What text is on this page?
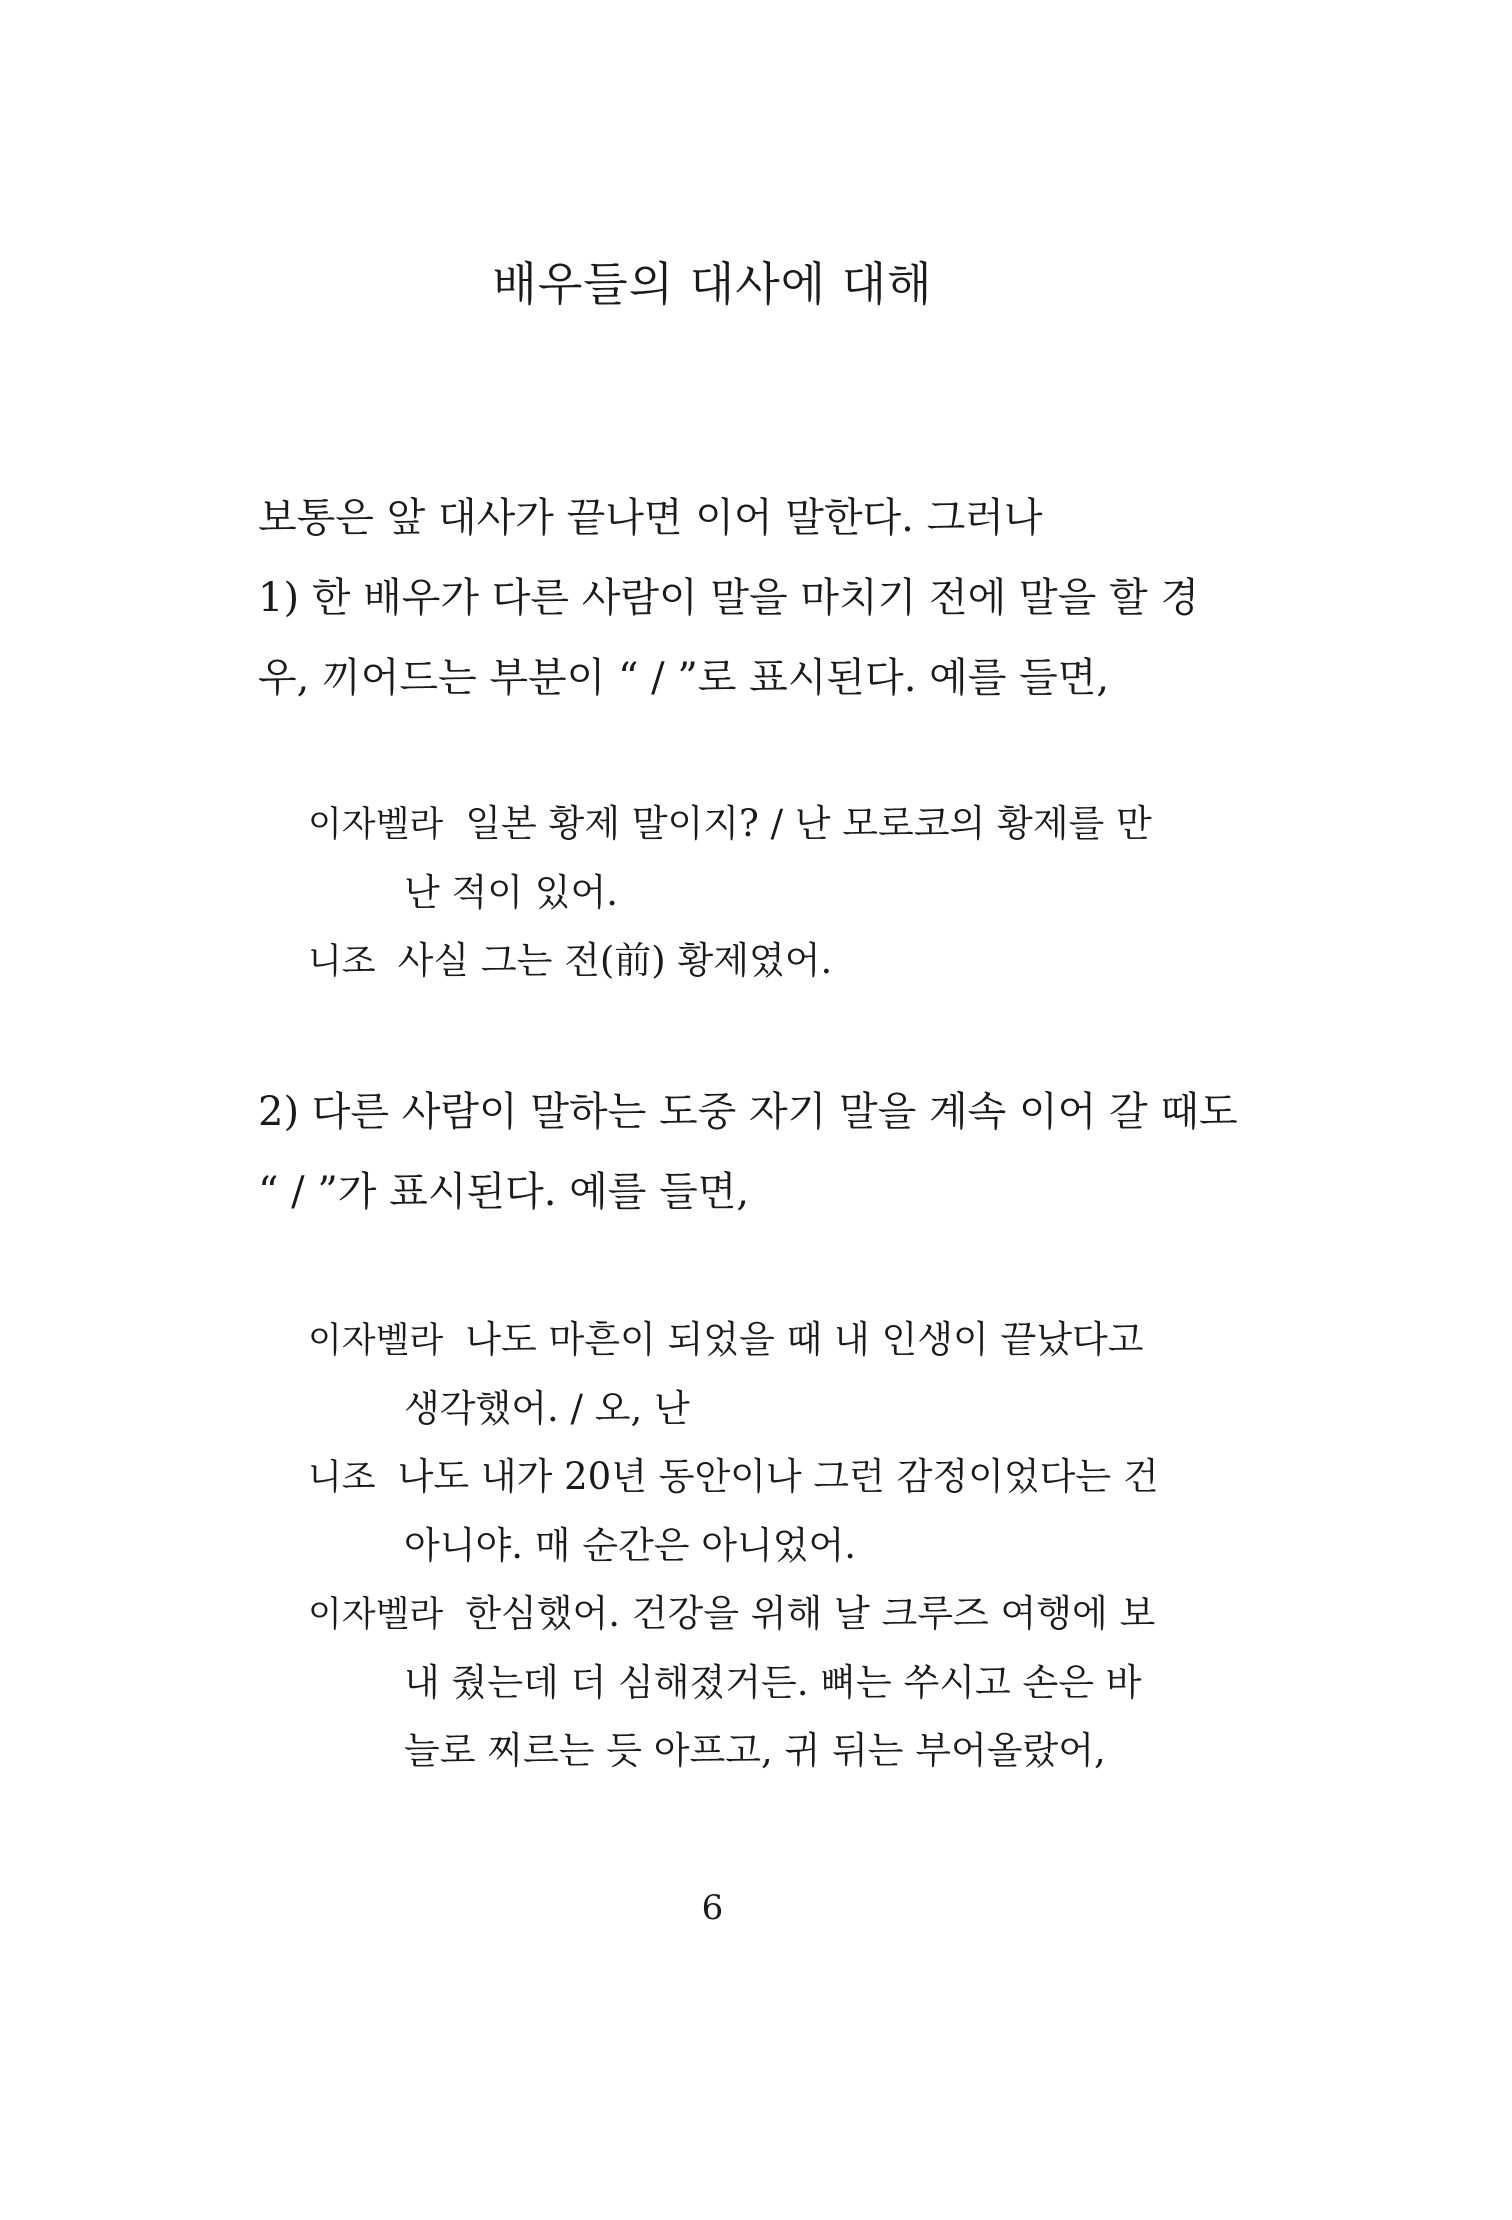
배우들의 대사에 대해
보통은 앞 대사가 끝나면 이어 말한다. 그러나
1) 한 배우가 다른 사람이 말을 마치기 전에 말을 할 경
우, 끼어드는 부분이 “ / ”로 표시된다. 예를 들면,
이자벨라 일본 황제 말이지? / 난 모로코의 황제를 만
난 적이 있어.
니조 사실 그는 전(前) 황제였어.
2) 다른 사람이 말하는 도중 자기 말을 계속 이어 갈 때도
“ / ”가 표시된다. 예를 들면,
이자벨라 나도 마흔이 되었을 때 내 인생이 끝났다고
생각했어. / 오, 난
니조 나도 내가 20년 동안이나 그런 감정이었다는 건
아니야. 매 순간은 아니었어.
이자벨라 한심했어. 건강을 위해 날 크루즈 여행에 보
내 줬는데 더 심해졌거든. 뼈는 쑤시고 손은 바
늘로 찌르는 듯 아프고, 귀 뒤는 부어올랐어,
6
